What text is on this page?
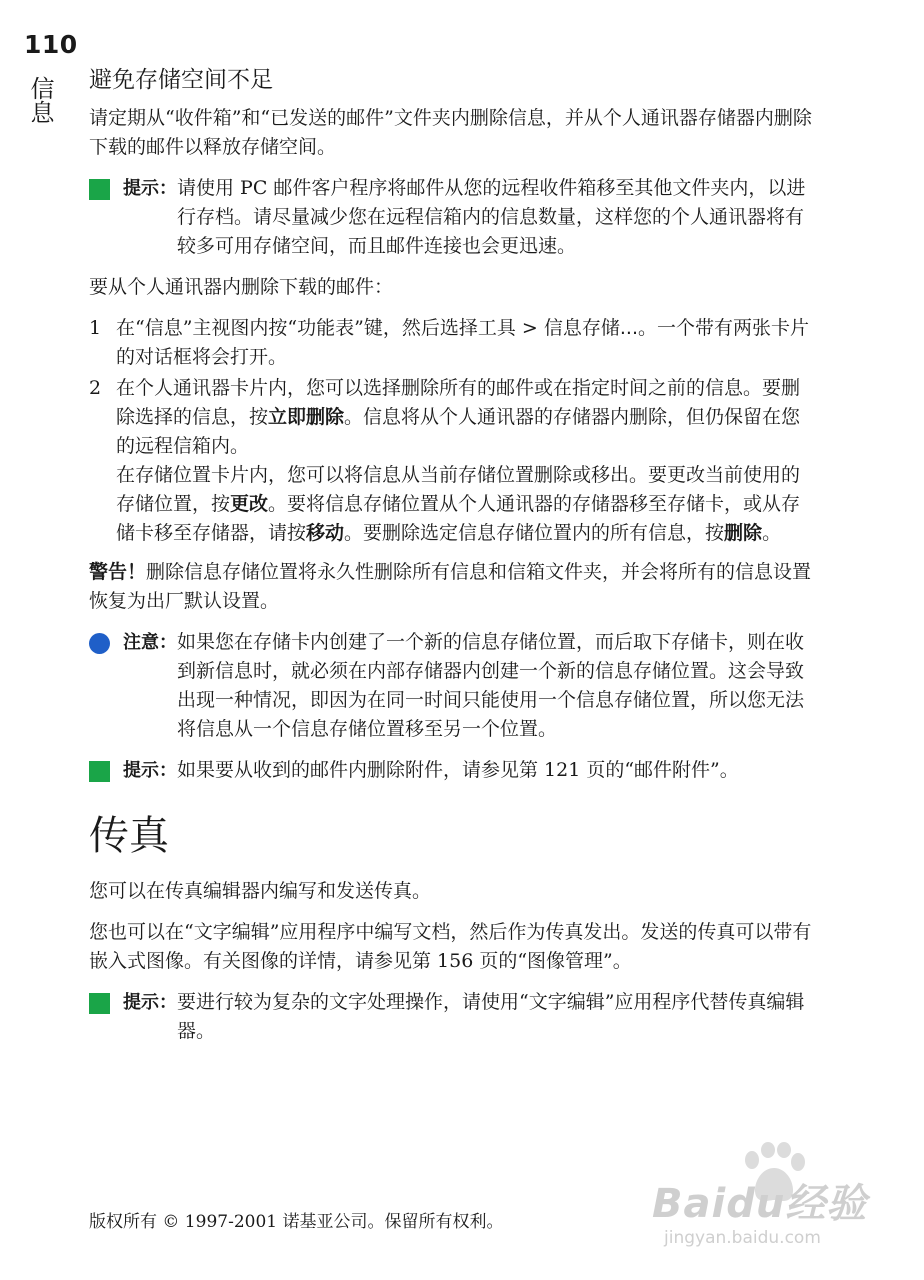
110
信息 避免存储空间不足

请定期从“收件箱”和“已发送的邮件”文件夹内删除信息，并从个人通讯器存储器内删除下载的邮件以释放存储空间。

提示： 请使用 PC 邮件客户程序将邮件从您的远程收件箱移至其他文件夹内，以进行存档。请尽量减少您在远程信箱内的信息数量，这样您的个人通讯器将有较多可用存储空间，而且邮件连接也会更迅速。

要从个人通讯器内删除下载的邮件：

1 在“信息”主视图内按“功能表”键，然后选择工具 > 信息存储...。一个带有两张卡片的对话框将会打开。
2 在个人通讯器卡片内，您可以选择删除所有的邮件或在指定时间之前的信息。要删除选择的信息，按立即删除。信息将从个人通讯器的存储器内删除，但仍保留在您的远程信箱内。
在存储位置卡片内，您可以将信息从当前存储位置删除或移出。要更改当前使用的存储位置，按更改。要将信息存储位置从个人通讯器的存储器移至存储卡，或从存储卡移至存储器，请按移动。要删除选定信息存储位置内的所有信息，按删除。

警告！删除信息存储位置将永久性删除所有信息和信箱文件夹，并会将所有的信息设置恢复为出厂默认设置。

注意： 如果您在存储卡内创建了一个新的信息存储位置，而后取下存储卡，则在收到新信息时，就必须在内部存储器内创建一个新的信息存储位置。这会导致出现一种情况，即因为在同一时间只能使用一个信息存储位置，所以您无法将信息从一个信息存储位置移至另一个位置。
提示： 如果要从收到的邮件内删除附件，请参见第 121 页的“邮件附件”。
传真

您可以在传真编辑器内编写和发送传真。

您也可以在“文字编辑”应用程序中编写文档，然后作为传真发出。发送的传真可以带有嵌入式图像。有关图像的详情，请参见第 156 页的“图像管理”。

提示： 要进行较为复杂的文字处理操作，请使用“文字编辑”应用程序代替传真编辑器。
版权所有 © 1997-2001 诺基亚公司。保留所有权利。	Baidu经验
jingyan.baidu.com
